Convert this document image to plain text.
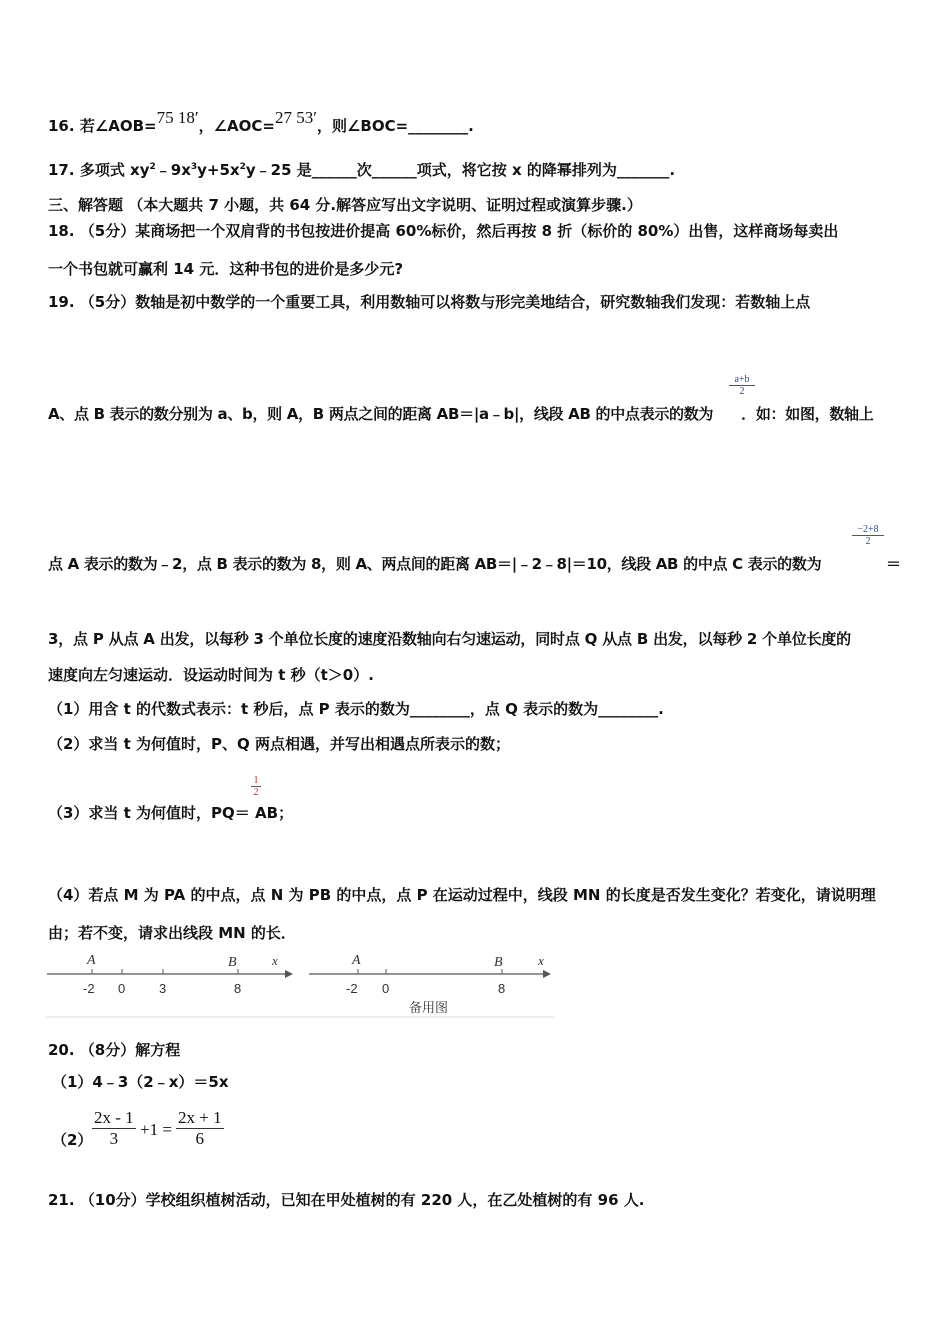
16. 若∠AOB=75 18′，∠AOC=27 53′，则∠BOC=________.
17. 多项式 $xy^2﹣9x^3y+5x^2y﹣25$ 是______次______项式，将它按 x 的降幂排列为_______.
三、解答题 （本大题共 7 小题，共 64 分.解答应写出文字说明、证明过程或演算步骤.）
18. （5分）某商场把一个双肩背的书包按进价提高 60%标价，然后再按 8 折（标价的 80%）出售，这样商场每卖出
一个书包就可赢利 14 元．这种书包的进价是多少元?
19. （5分）数轴是初中数学的一个重要工具，利用数轴可以将数与形完美地结合，研究数轴我们发现：若数轴上点
$\frac{a+b}{2}$
A、点 B 表示的数分别为 a、b，则 A，B 两点之间的距离 AB＝|a﹣b|，线段 AB 的中点表示的数为 ．如：如图，数轴上
$\frac{-2+8}{2}$
点 A 表示的数为﹣2，点 B 表示的数为 8，则 A、两点间的距离 AB＝|﹣2﹣8|＝10，线段 AB 的中点 C 表示的数为	＝
3，点 P 从点 A 出发，以每秒 3 个单位长度的速度沿数轴向右匀速运动，同时点 Q 从点 B 出发，以每秒 2 个单位长度的
速度向左匀速运动．设运动时间为 t 秒（t＞0）.
（1）用含 t 的代数式表示：t 秒后，点 P 表示的数为________，点 Q 表示的数为________.
（2）求当 t 为何值时，P、Q 两点相遇，并写出相遇点所表示的数；
$\frac{1}{2}$
（3）求当 t 为何值时，PQ＝ AB；
（4）若点 M 为 PA 的中点，点 N 为 PB 的中点，点 P 在运动过程中，线段 MN 的长度是否发生变化？若变化，请说明理
由；若不变，请求出线段 MN 的长．
A	B	x
-2 0	3	8
A	B	x
-2 0	8
备用图
20. （8分）解方程
（1）4﹣3（2﹣x）＝5x
$(2) \frac{2x - 1}{3} +1 = \frac{2x + 1}{6}$
21. （10分）学校组织植树活动，已知在甲处植树的有 220 人，在乙处植树的有 96 人.
